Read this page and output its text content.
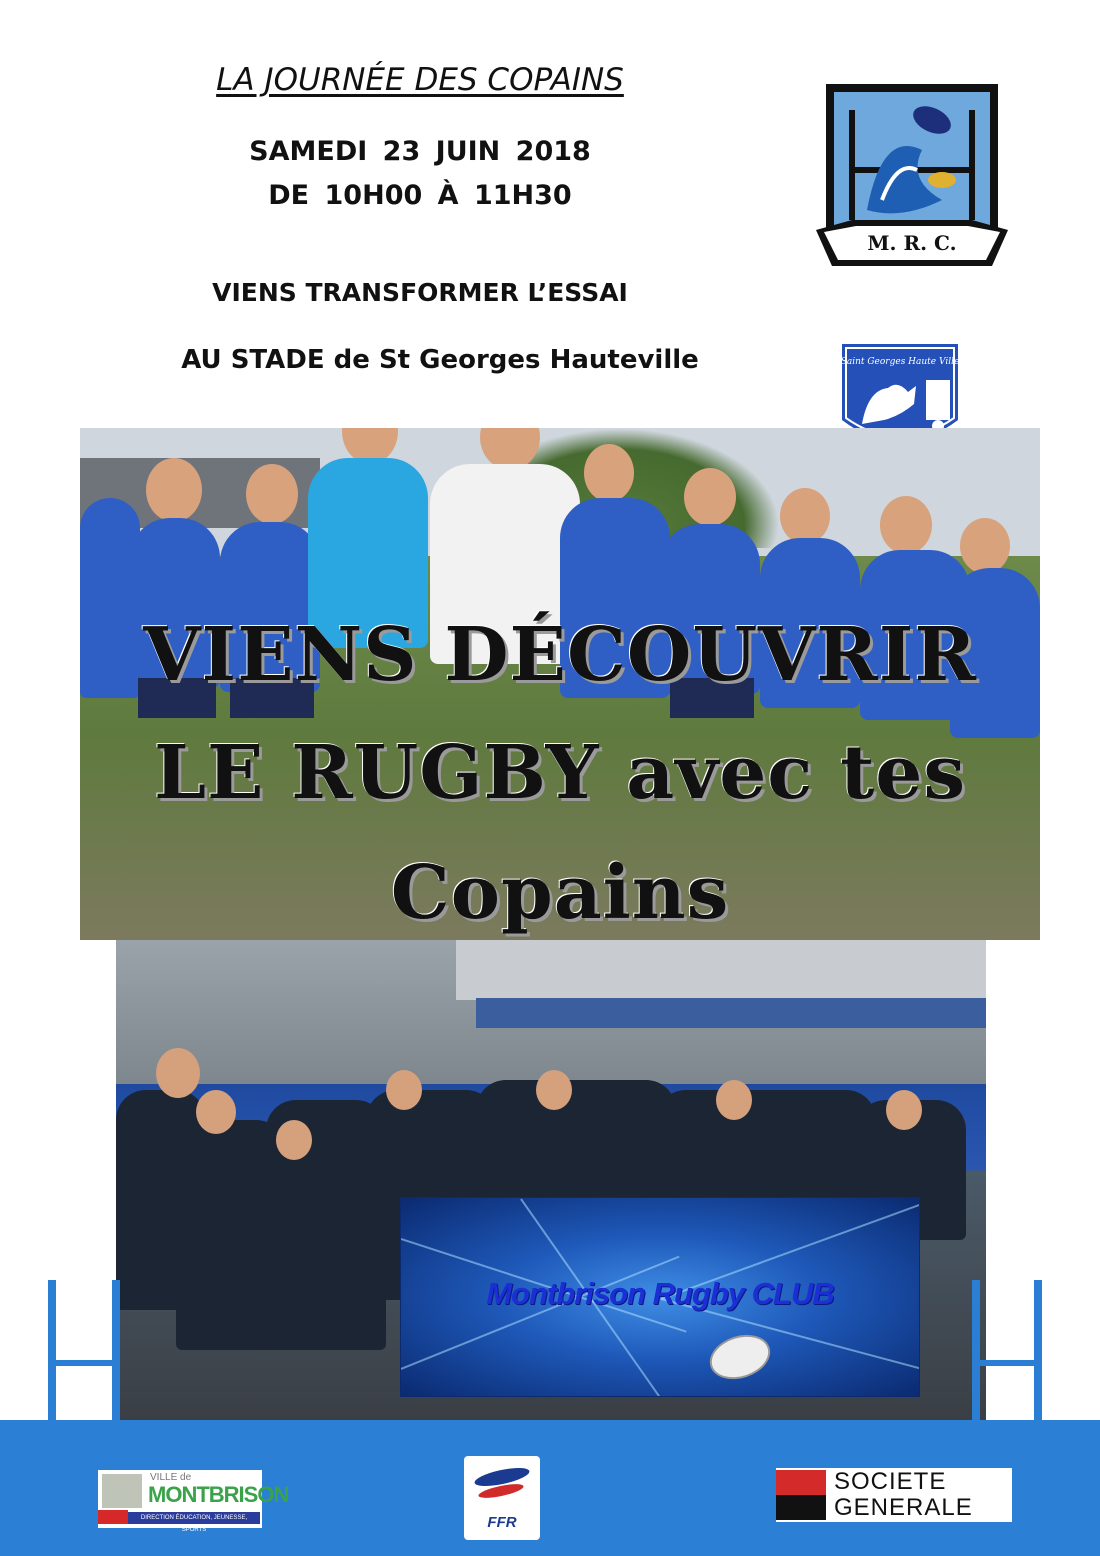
LA JOURNÉE DES COPAINS
SAMEDI 23 JUIN 2018
DE 10H00 À 11H30
VIENS TRANSFORMER L’ESSAI
AU STADE de St Georges Hauteville
M. R. C.
2016
Saint Georges Haute Ville
VIENS DÉCOUVRIR
LE RUGBY avec tes
Copains
Montbrison Rugby CLUB
VILLE de
MONTBRISON
DIRECTION ÉDUCATION, JEUNESSE, SPORTS	FFR
SOCIETE
GENERALE
